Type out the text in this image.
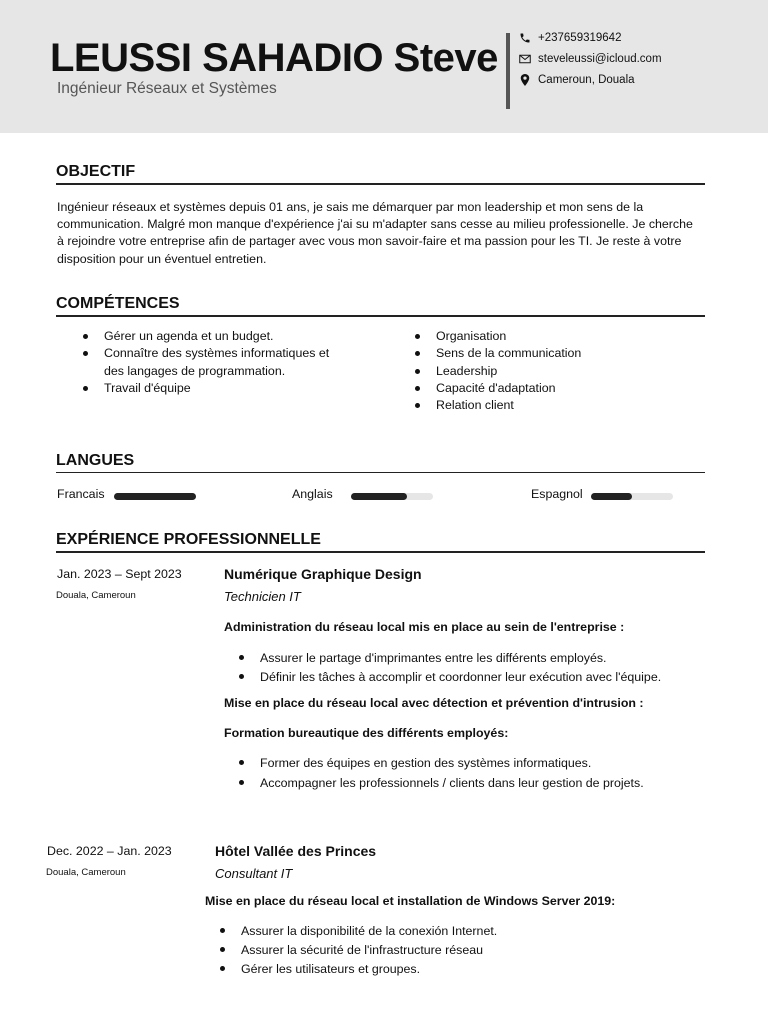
LEUSSI SAHADIO Steve
Ingénieur Réseaux et Systèmes
+237659319642
steveleussi@icloud.com
Cameroun, Douala
OBJECTIF
Ingénieur réseaux et systèmes depuis 01 ans, je sais me démarquer par mon leadership et mon sens de la
communication. Malgré mon manque d'expérience j'ai su m'adapter sans cesse au milieu professionelle. Je cherche
à rejoindre votre entreprise afin de partager avec vous mon savoir-faire et ma passion pour les TI. Je reste à votre
disposition pour un éventuel entretien.
COMPÉTENCES
Gérer un agenda et un budget.
Connaître des systèmes informatiques et
des langages de programmation.
Travail d'équipe
Organisation
Sens de la communication
Leadership
Capacité d'adaptation
Relation client
LANGUES
Francais	Anglais	Espagnol
EXPÉRIENCE PROFESSIONNELLE
Jan. 2023 – Sept 2023
Douala, Cameroun
Numérique Graphique Design
Technicien IT
Administration du réseau local mis en place au sein de l'entreprise :
Assurer le partage d'imprimantes entre les différents employés.
Définir les tâches à accomplir et coordonner leur exécution avec l'équipe.
Mise en place du réseau local avec détection et prévention d'intrusion :
Formation bureautique des différents employés:
Former des équipes en gestion des systèmes informatiques.
Accompagner les professionnels / clients dans leur gestion de projets.
Dec. 2022 – Jan. 2023
Douala, Cameroun
Hôtel Vallée des Princes
Consultant IT
Mise en place du réseau local et installation de Windows Server 2019:
Assurer la disponibilité de la conexión Internet.
Assurer la sécurité de l'infrastructure réseau
Gérer les utilisateurs et groupes.
